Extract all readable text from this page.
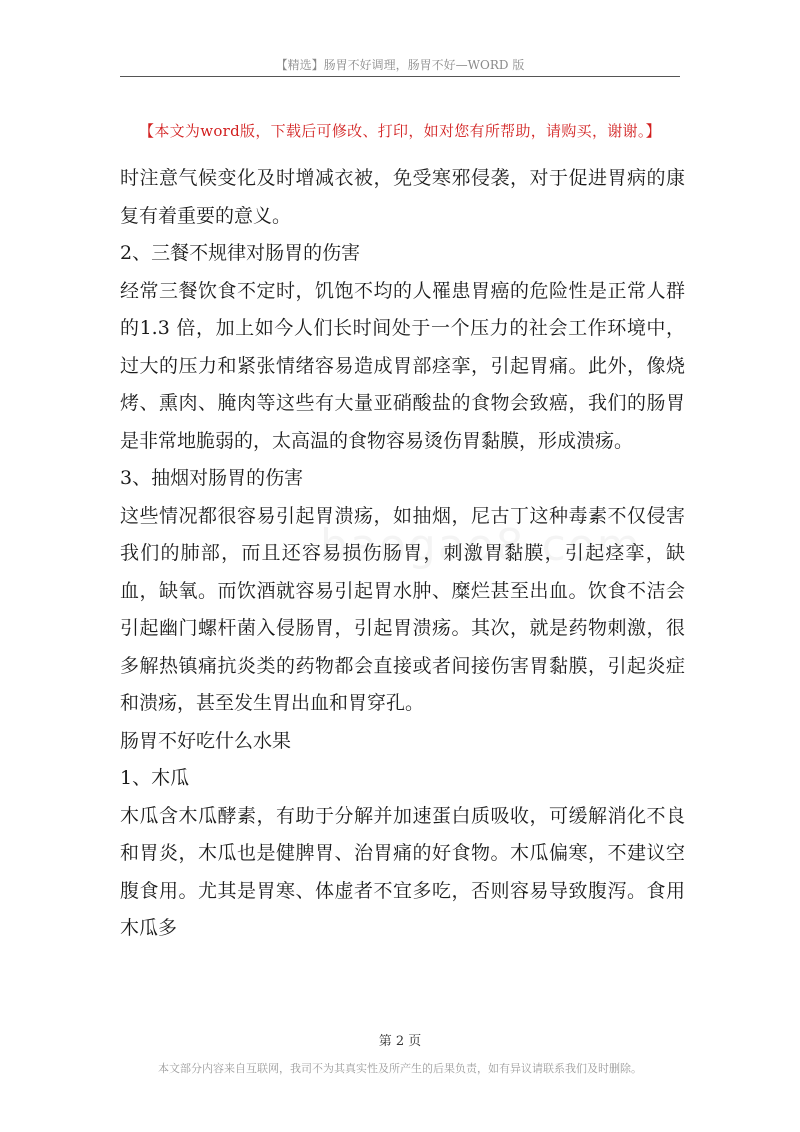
【精选】肠胃不好调理，肠胃不好—WORD 版
【本文为word版，下载后可修改、打印，如对您有所帮助，请购买，谢谢。】

时注意气候变化及时增减衣被，免受寒邪侵袭，对于促进胃病的康复有着重要的意义。

2、三餐不规律对肠胃的伤害

经常三餐饮食不定时，饥饱不均的人罹患胃癌的危险性是正常人群的1.3 倍，加上如今人们长时间处于一个压力的社会工作环境中，过大的压力和紧张情绪容易造成胃部痉挛，引起胃痛。此外，像烧烤、熏肉、腌肉等这些有大量亚硝酸盐的食物会致癌，我们的肠胃是非常地脆弱的，太高温的食物容易烫伤胃黏膜，形成溃疡。

3、抽烟对肠胃的伤害

这些情况都很容易引起胃溃疡，如抽烟，尼古丁这种毒素不仅侵害我们的肺部，而且还容易损伤肠胃，刺激胃黏膜，引起痉挛，缺血，缺氧。而饮酒就容易引起胃水肿、糜烂甚至出血。饮食不洁会引起幽门螺杆菌入侵肠胃，引起胃溃疡。其次，就是药物刺激，很多解热镇痛抗炎类的药物都会直接或者间接伤害胃黏膜，引起炎症和溃疡，甚至发生胃出血和胃穿孔。

肠胃不好吃什么水果

1、木瓜

木瓜含木瓜酵素，有助于分解并加速蛋白质吸收，可缓解消化不良和胃炎，木瓜也是健脾胃、治胃痛的好食物。木瓜偏寒，不建议空腹食用。尤其是胃寒、体虚者不宜多吃，否则容易导致腹泻。食用木瓜多

第 2 页
本文部分内容来自互联网，我司不为其真实性及所产生的后果负责，如有异议请联系我们及时删除。
